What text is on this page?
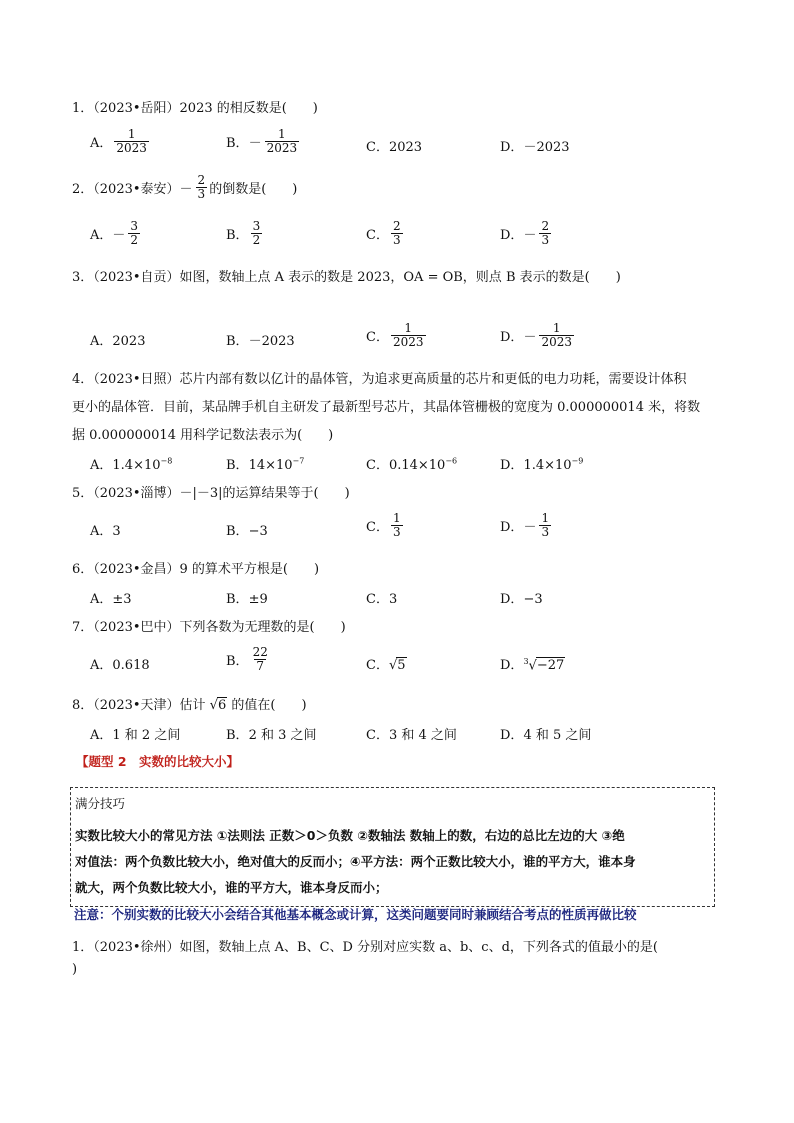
1．（2023•岳阳）2023 的相反数是(　　)
A． $\frac{1}{2023}$	B． － $\frac{1}{2023}$	C．2023	D．－2023
2．（2023•泰安） － $\frac{2}{3}$ 的倒数是(　　)
A． － $\frac{3}{2}$	B． $\frac{3}{2}$	C． $\frac{2}{3}$	D． － $\frac{2}{3}$
3．（2023•自贡）如图，数轴上点 A 表示的数是 2023，OA = OB，则点 B 表示的数是(　　)
A．2023	B．－2023	C． $\frac{1}{2023}$	D． － $\frac{1}{2023}$
4．（2023•日照）芯片内部有数以亿计的晶体管，为追求更高质量的芯片和更低的电力功耗，需要设计体积
更小的晶体管．目前，某品牌手机自主研发了最新型号芯片，其晶体管栅极的宽度为 0.000000014 米，将数
据 0.000000014 用科学记数法表示为(　　)
A．$1.4\times 10^{-8}$	B．$14\times 10^{-7}$	C．$0.14\times 10^{-6}$	D．$1.4\times 10^{-9}$
5．（2023•淄博）－|－3|的运算结果等于(　　)
A．3	B．−3	C． $\frac{1}{3}$	D． － $\frac{1}{3}$
6．（2023•金昌）9 的算术平方根是(　　)
A．±3	B．±9	C．3	D．−3
7．（2023•巴中）下列各数为无理数的是(　　)
A．0.618	B． $\frac{22}{7}$	C．√5	D．$^3$√−27
8．（2023•天津）估计 √6 的值在(　　)
A．1 和 2 之间	B．2 和 3 之间	C．3 和 4 之间	D．4 和 5 之间
【题型 2　实数的比较大小】
满分技巧
实数比较大小的常见方法 ①法则法 正数＞0＞负数 ②数轴法 数轴上的数，右边的总比左边的大 ③绝
对值法：两个负数比较大小，绝对值大的反而小；④平方法：两个正数比较大小，谁的平方大，谁本身
就大，两个负数比较大小，谁的平方大，谁本身反而小；
注意：个别实数的比较大小会结合其他基本概念或计算，这类问题要同时兼顾结合考点的性质再做比较
1．（2023•徐州）如图，数轴上点 A、B、C、D 分别对应实数 a、b、c、d，下列各式的值最小的是(
)
